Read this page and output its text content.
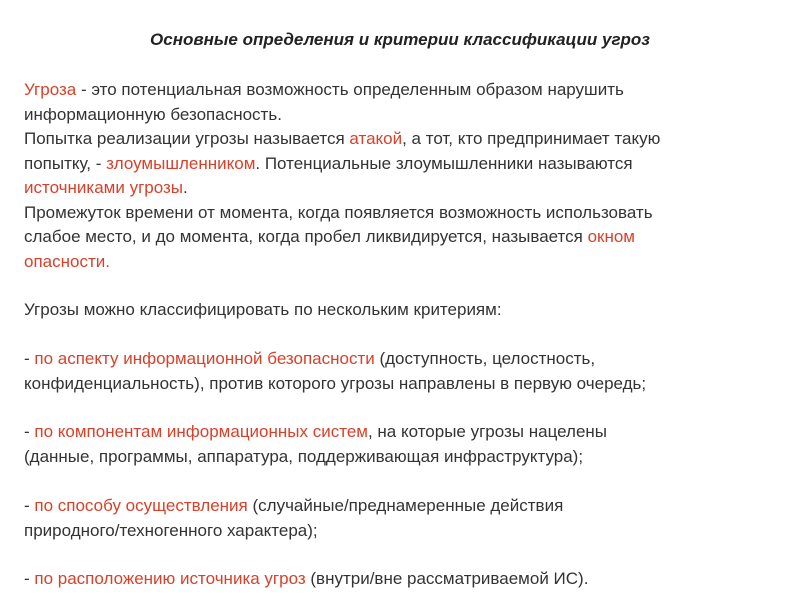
Основные определения и критерии классификации угроз
Угроза - это потенциальная возможность определенным образом нарушить
информационную безопасность.
Попытка реализации угрозы называется атакой, а тот, кто предпринимает такую
попытку, - злоумышленником. Потенциальные злоумышленники называются
источниками угрозы.
Промежуток времени от момента, когда появляется возможность использовать
слабое место, и до момента, когда пробел ликвидируется, называется окном
опасности.
Угрозы можно классифицировать по нескольким критериям:
- по аспекту информационной безопасности (доступность, целостность,
конфиденциальность), против которого угрозы направлены в первую очередь;
- по компонентам информационных систем, на которые угрозы нацелены
(данные, программы, аппаратура, поддерживающая инфраструктура);
- по способу осуществления (случайные/преднамеренные действия
природного/техногенного характера);
- по расположению источника угроз (внутри/вне рассматриваемой ИС).
